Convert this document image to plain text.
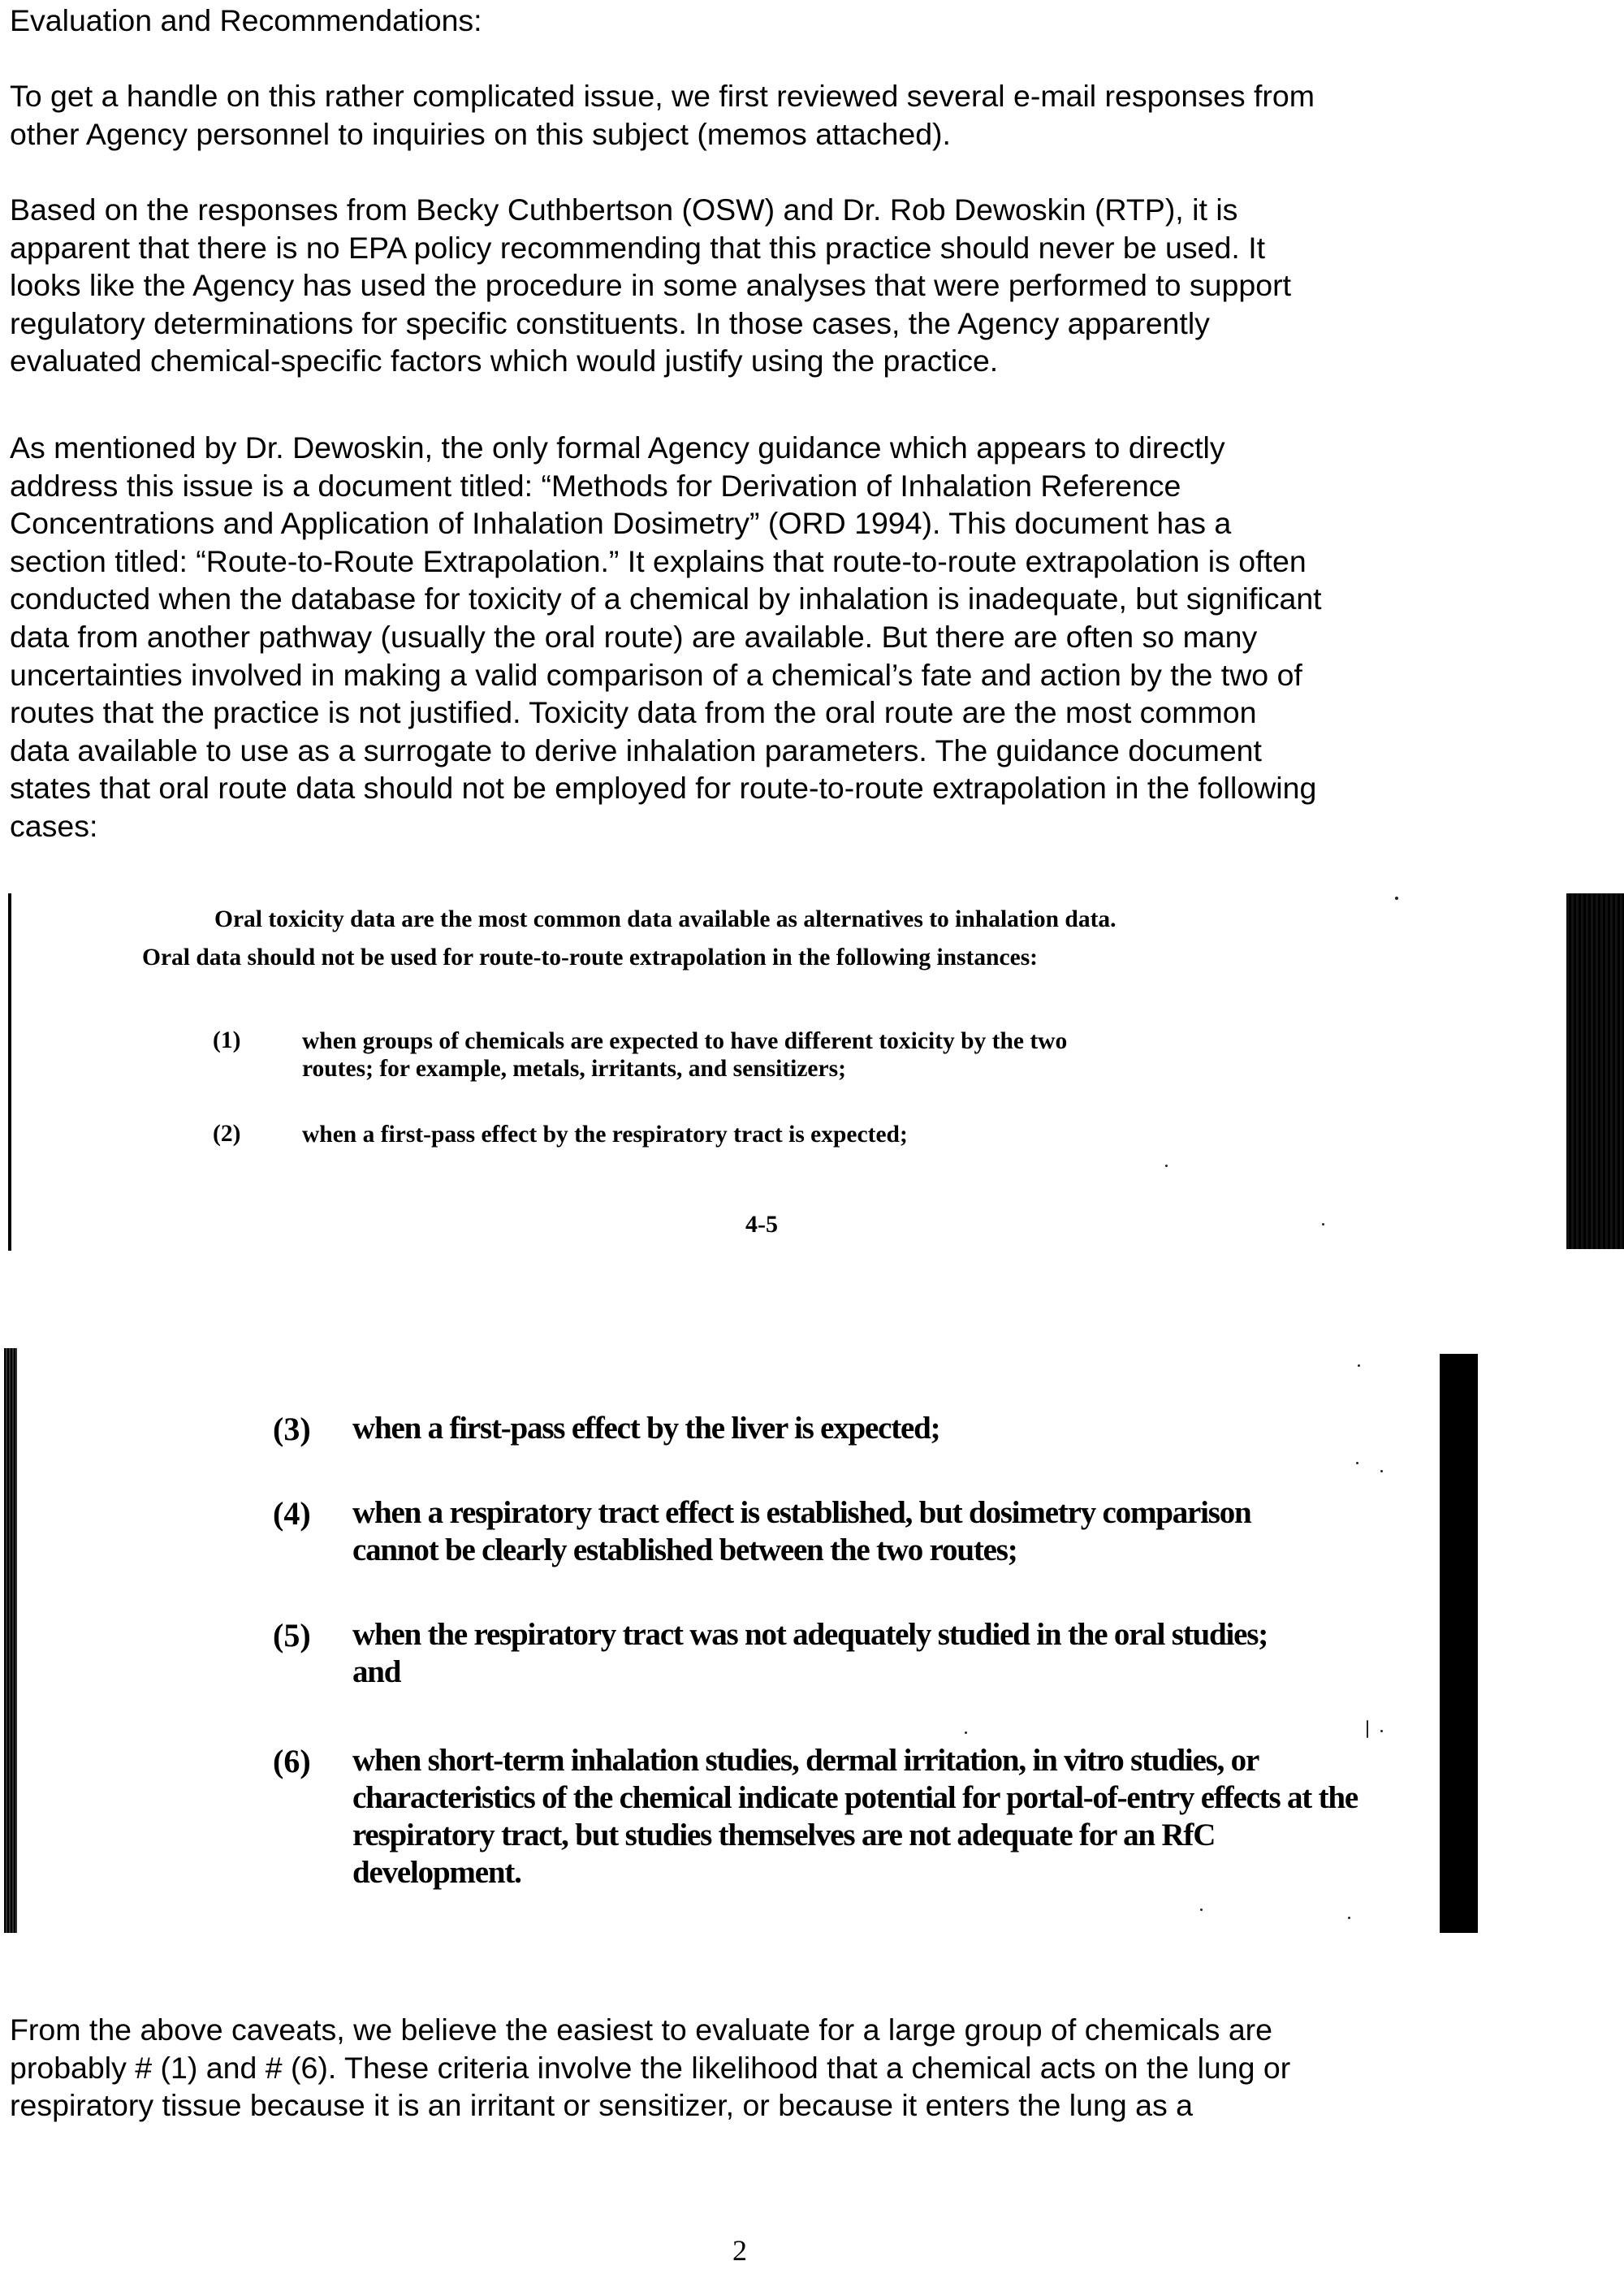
Evaluation and Recommendations:
To get a handle on this rather complicated issue, we first reviewed several e-mail responses from
other Agency personnel to inquiries on this subject (memos attached).
Based on the responses from Becky Cuthbertson (OSW) and Dr. Rob Dewoskin (RTP), it is
apparent that there is no EPA policy recommending that this practice should never be used. It
looks like the Agency has used the procedure in some analyses that were performed to support
regulatory determinations for specific constituents. In those cases, the Agency apparently
evaluated chemical-specific factors which would justify using the practice.
As mentioned by Dr. Dewoskin, the only formal Agency guidance which appears to directly
address this issue is a document titled: “Methods for Derivation of Inhalation Reference
Concentrations and Application of Inhalation Dosimetry” (ORD 1994). This document has a
section titled: “Route-to-Route Extrapolation.” It explains that route-to-route extrapolation is often
conducted when the database for toxicity of a chemical by inhalation is inadequate, but significant
data from another pathway (usually the oral route) are available. But there are often so many
uncertainties involved in making a valid comparison of a chemical’s fate and action by the two of
routes that the practice is not justified. Toxicity data from the oral route are the most common
data available to use as a surrogate to derive inhalation parameters. The guidance document
states that oral route data should not be employed for route-to-route extrapolation in the following
cases:
Oral toxicity data are the most common data available as alternatives to inhalation data.
Oral data should not be used for route-to-route extrapolation in the following instances:
(1)	when groups of chemicals are expected to have different toxicity by the two
routes; for example, metals, irritants, and sensitizers;
(2)	when a first-pass effect by the respiratory tract is expected;
4-5
(3) when a first-pass effect by the liver is expected;
(4) when a respiratory tract effect is established, but dosimetry comparison
cannot be clearly established between the two routes;
(5) when the respiratory tract was not adequately studied in the oral studies;
and
(6) when short-term inhalation studies, dermal irritation, in vitro studies, or
characteristics of the chemical indicate potential for portal-of-entry effects at the
respiratory tract, but studies themselves are not adequate for an RfC
development.
From the above caveats, we believe the easiest to evaluate for a large group of chemicals are
probably # (1) and # (6). These criteria involve the likelihood that a chemical acts on the lung or
respiratory tissue because it is an irritant or sensitizer, or because it enters the lung as a
2
